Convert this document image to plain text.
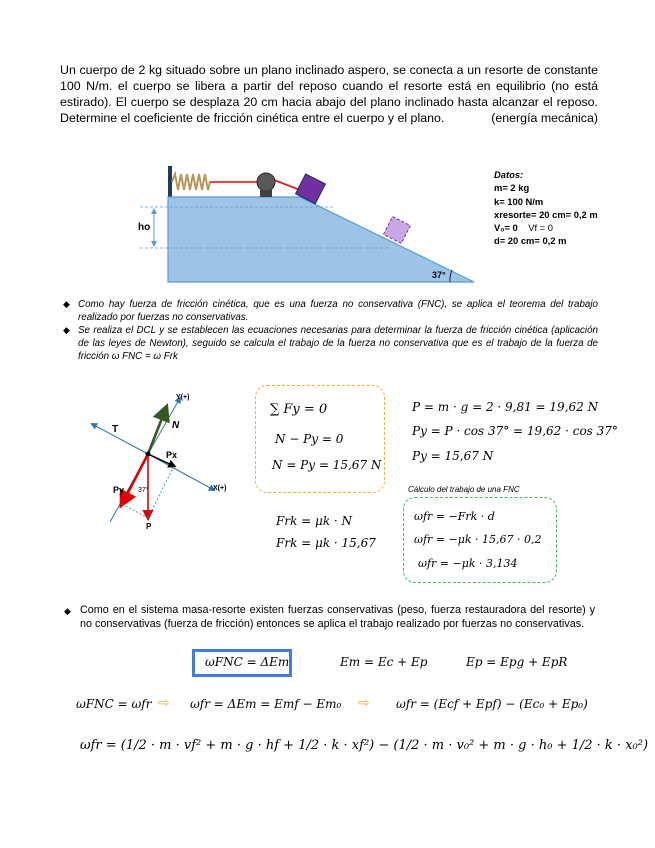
Un cuerpo de 2 kg situado sobre un plano inclinado aspero, se conecta a un resorte de constante 100 N/m. el cuerpo se libera a partir del reposo cuando el resorte está en equilibrio (no está estirado). El cuerpo se desplaza 20 cm hacia abajo del plano inclinado hasta alcanzar el reposo. Determine el coeficiente de fricción cinética entre el cuerpo y el plano.	(energía mecánica)
ho
37°
Datos:
m= 2 kg
k= 100 N/m
xresorte= 20 cm= 0,2 m
V₀= 0 Vf = 0
d= 20 cm= 0,2 m
◆ Como hay fuerza de fricción cinética, que es una fuerza no conservativa (FNC), se aplica el teorema del trabajo realizado por fuerzas no conservativas.
◆ Se realiza el DCL y se establecen las ecuaciones necesarias para determinar la fuerza de fricción cinética (aplicación de las leyes de Newton), seguido se calcula el trabajo de la fuerza no conservativa que es el trabajo de la fuerza de fricción ω FNC = ω Frk
Y(+)
X(+)
N
T
Px
Py
P
37°
∑ Fy = 0
N − Py = 0
N = Py = 15,67 N
P = m · g = 2 · 9,81 = 19,62 N
Py = P · cos 37° = 19,62 · cos 37°
Py = 15,67 N
Frk = μk · N
Frk = μk · 15,67
Cálculo del trabajo de una FNC
ωfr = −Frk · d
ωfr = −μk · 15,67 · 0,2
ωfr = −μk · 3,134
◆ Como en el sistema masa-resorte existen fuerzas conservativas (peso, fuerza restauradora del resorte) y no conservativas (fuerza de fricción) entonces se aplica el trabajo realizado por fuerzas no conservativas.
ωFNC = ΔEm	Em = Ec + Ep	Ep = Epg + EpR
ωFNC = ωfr ⇨ ωfr = ΔEm = Emf − Em₀ ⇨ ωfr = (Ecf + Epf) − (Ec₀ + Ep₀)
ωfr = (1/2 · m · vf² + m · g · hf + 1/2 · k · xf²) − (1/2 · m · v₀² + m · g · h₀ + 1/2 · k · x₀²)
